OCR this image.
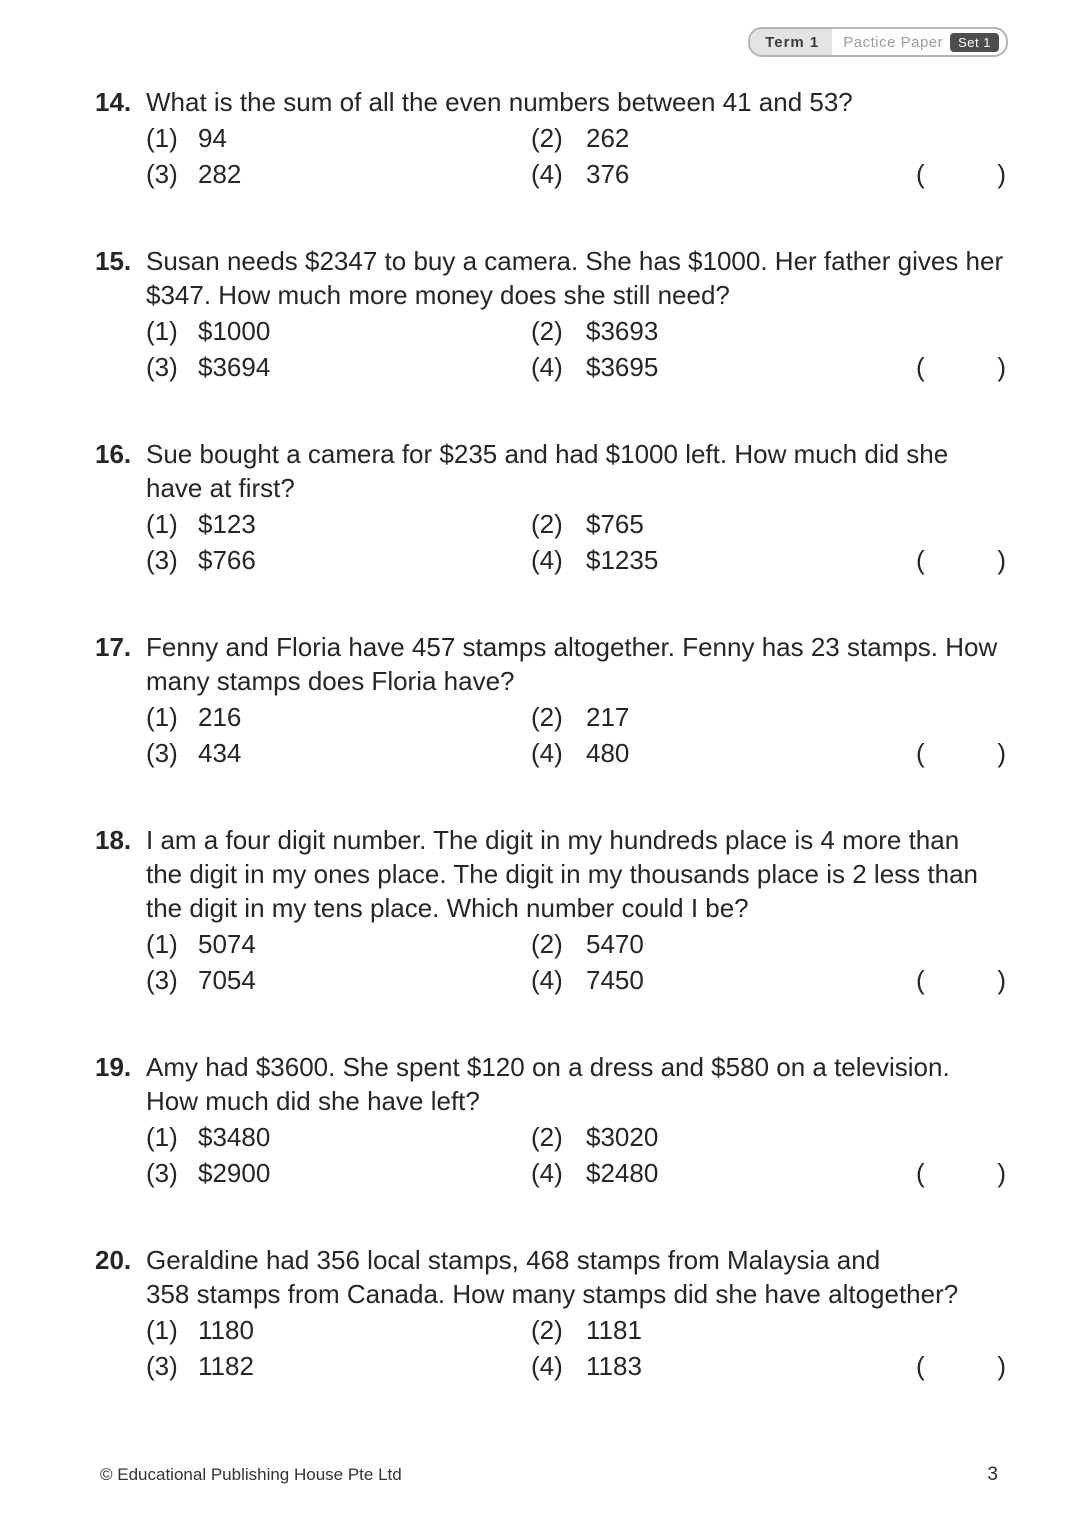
Term 1	Pactice Paper	Set 1
14. What is the sum of all the even numbers between 41 and 53?
(1) 94	(2) 262
(3) 282	(4) 376	(	)
15. Susan needs $2347 to buy a camera. She has $1000. Her father gives her
$347. How much more money does she still need?
(1) $1000	(2) $3693
(3) $3694	(4) $3695	(	)
16. Sue bought a camera for $235 and had $1000 left. How much did she
have at first?
(1) $123	(2) $765
(3) $766	(4) $1235	(	)
17. Fenny and Floria have 457 stamps altogether. Fenny has 23 stamps. How
many stamps does Floria have?
(1) 216	(2) 217
(3) 434	(4) 480	(	)
18. I am a four digit number. The digit in my hundreds place is 4 more than
the digit in my ones place. The digit in my thousands place is 2 less than
the digit in my tens place. Which number could I be?
(1) 5074	(2) 5470
(3) 7054	(4) 7450	(	)
19. Amy had $3600. She spent $120 on a dress and $580 on a television.
How much did she have left?
(1) $3480	(2) $3020
(3) $2900	(4) $2480	(	)
20. Geraldine had 356 local stamps, 468 stamps from Malaysia and
358 stamps from Canada. How many stamps did she have altogether?
(1) 1180	(2) 1181
(3) 1182	(4) 1183	(	)
© Educational Publishing House Pte Ltd	3
